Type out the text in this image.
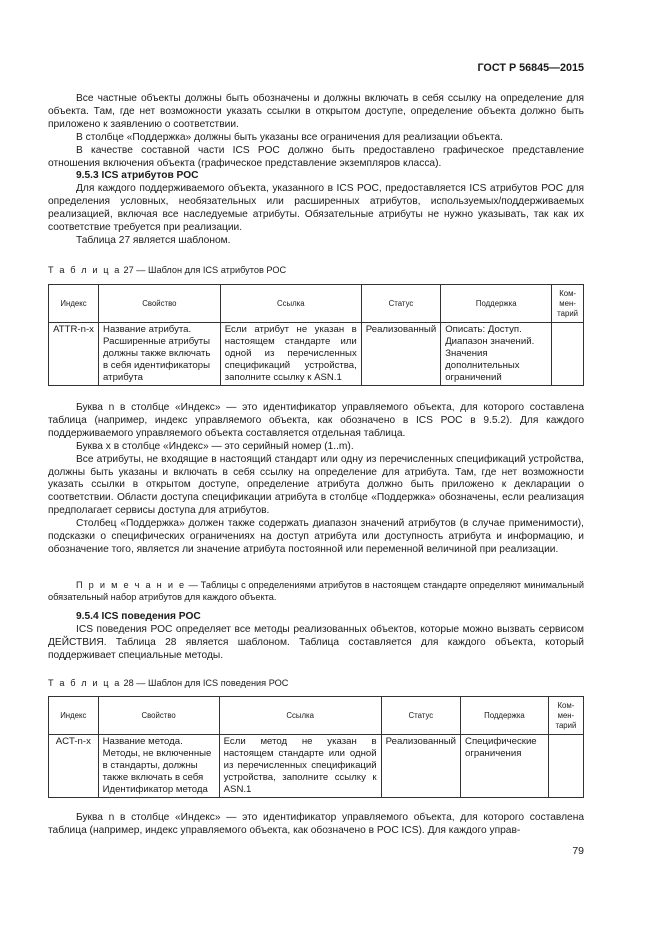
ГОСТ Р 56845—2015

Все частные объекты должны быть обозначены и должны включать в себя ссылку на определение для объекта. Там, где нет возможности указать ссылки в открытом доступе, определение объекта должно быть приложено к заявлению о соответствии.

В столбце «Поддержка» должны быть указаны все ограничения для реализации объекта.

В качестве составной части ICS РОС должно быть предоставлено графическое представление отношения включения объекта (графическое представление экземпляров класса).

9.5.3 ICS атрибутов РОС

Для каждого поддерживаемого объекта, указанного в ICS РОС, предоставляется ICS атрибутов РОС для определения условных, необязательных или расширенных атрибутов, используемых/поддерживаемых реализацией, включая все наследуемые атрибуты. Обязательные атрибуты не нужно указывать, так как их соответствие требуется при реализации.

Таблица 27 является шаблоном.

Т а б л и ц а 27 — Шаблон для ICS атрибутов РОС
Индекс	Свойство	Ссылка	Статус	Поддержка	Ком-мен-тарий
ATTR-n-x	Название атрибута. Расширенные атрибуты должны также включать в себя идентификаторы атрибута	Если атрибут не указан в настоящем стандарте или одной из перечисленных спецификаций устройства, заполните ссылку к ASN.1	Реализованный	Описать: Доступ. Диапазон значений. Значения дополнительных ограничений	

Буква n в столбце «Индекс» — это идентификатор управляемого объекта, для которого составлена таблица (например, индекс управляемого объекта, как обозначено в ICS РОС в 9.5.2). Для каждого поддерживаемого управляемого объекта составляется отдельная таблица.

Буква x в столбце «Индекс» — это серийный номер (1..m).

Все атрибуты, не входящие в настоящий стандарт или одну из перечисленных спецификаций устройства, должны быть указаны и включать в себя ссылку на определение для атрибута. Там, где нет возможности указать ссылки в открытом доступе, определение атрибута должно быть приложено к декларации о соответствии. Области доступа спецификации атрибута в столбце «Поддержка» обозначены, если реализация предполагает сервисы доступа для атрибутов.

Столбец «Поддержка» должен также содержать диапазон значений атрибутов (в случае применимости), подсказки о специфических ограничениях на доступ атрибута или доступность атрибута и информацию, и обозначение того, является ли значение атрибута постоянной или переменной величиной при реализации.

П р и м е ч а н и е — Таблицы с определениями атрибутов в настоящем стандарте определяют минимальный обязательный набор атрибутов для каждого объекта.

9.5.4 ICS поведения РОС

ICS поведения РОС определяет все методы реализованных объектов, которые можно вызвать сервисом ДЕЙСТВИЯ. Таблица 28 является шаблоном. Таблица составляется для каждого объекта, который поддерживает специальные методы.

Т а б л и ц а 28 — Шаблон для ICS поведения РОС
Индекс	Свойство	Ссылка	Статус	Поддержка	Ком-мен-тарий
ACT-n-x	Название метода. Методы, не включенные в стандарты, должны также включать в себя Идентификатор метода	Если метод не указан в настоящем стандарте или одной из перечисленных спецификаций устройства, заполните ссылку к ASN.1	Реализованный	Специфические ограничения	

Буква n в столбце «Индекс» — это идентификатор управляемого объекта, для которого составлена таблица (например, индекс управляемого объекта, как обозначено в РОС ICS). Для каждого управ-

79
